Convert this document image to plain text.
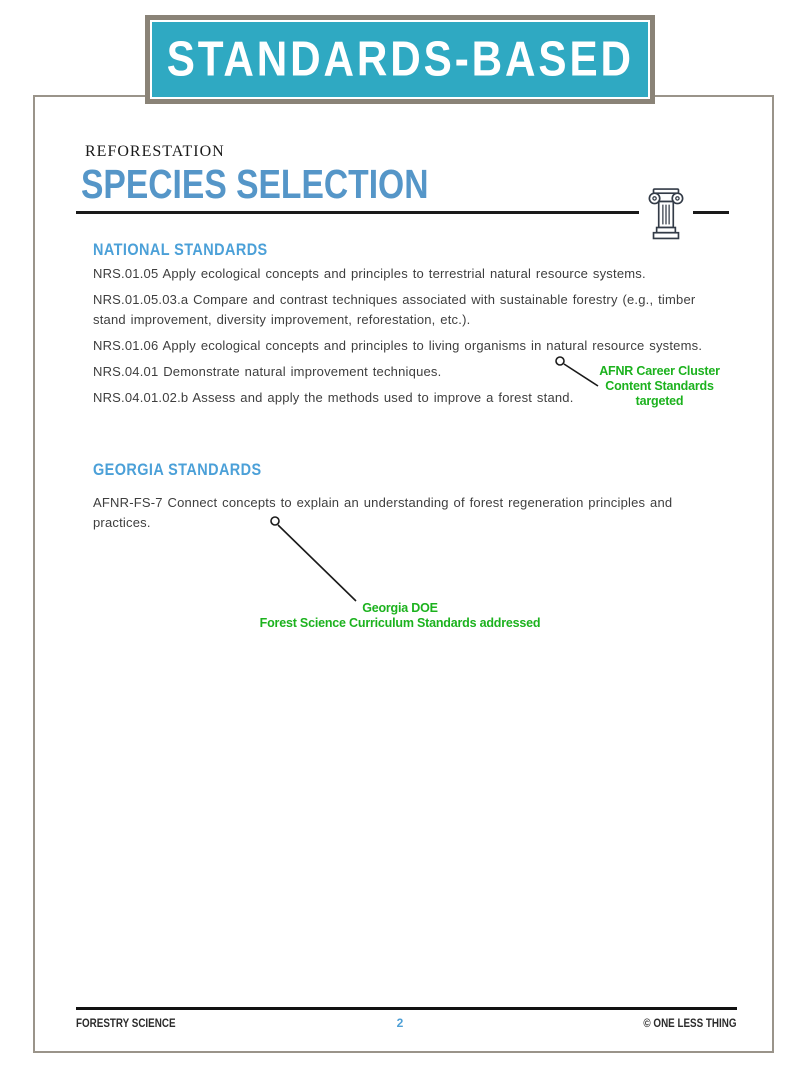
STANDARDS-BASED
REFORESTATION
SPECIES SELECTION
NATIONAL STANDARDS

NRS.01.05 Apply ecological concepts and principles to terrestrial natural resource systems.

NRS.01.05.03.a Compare and contrast techniques associated with sustainable forestry (e.g., timber stand improvement, diversity improvement, reforestation, etc.).

NRS.01.06 Apply ecological concepts and principles to living organisms in natural resource systems.

NRS.04.01 Demonstrate natural improvement techniques.

NRS.04.01.02.b Assess and apply the methods used to improve a forest stand.

AFNR Career Cluster
Content Standards
targeted
GEORGIA STANDARDS

AFNR-FS-7 Connect concepts to explain an understanding of forest regeneration principles and practices.

Georgia DOE
Forest Science Curriculum Standards addressed
FORESTRY SCIENCE	2	© ONE LESS THING
